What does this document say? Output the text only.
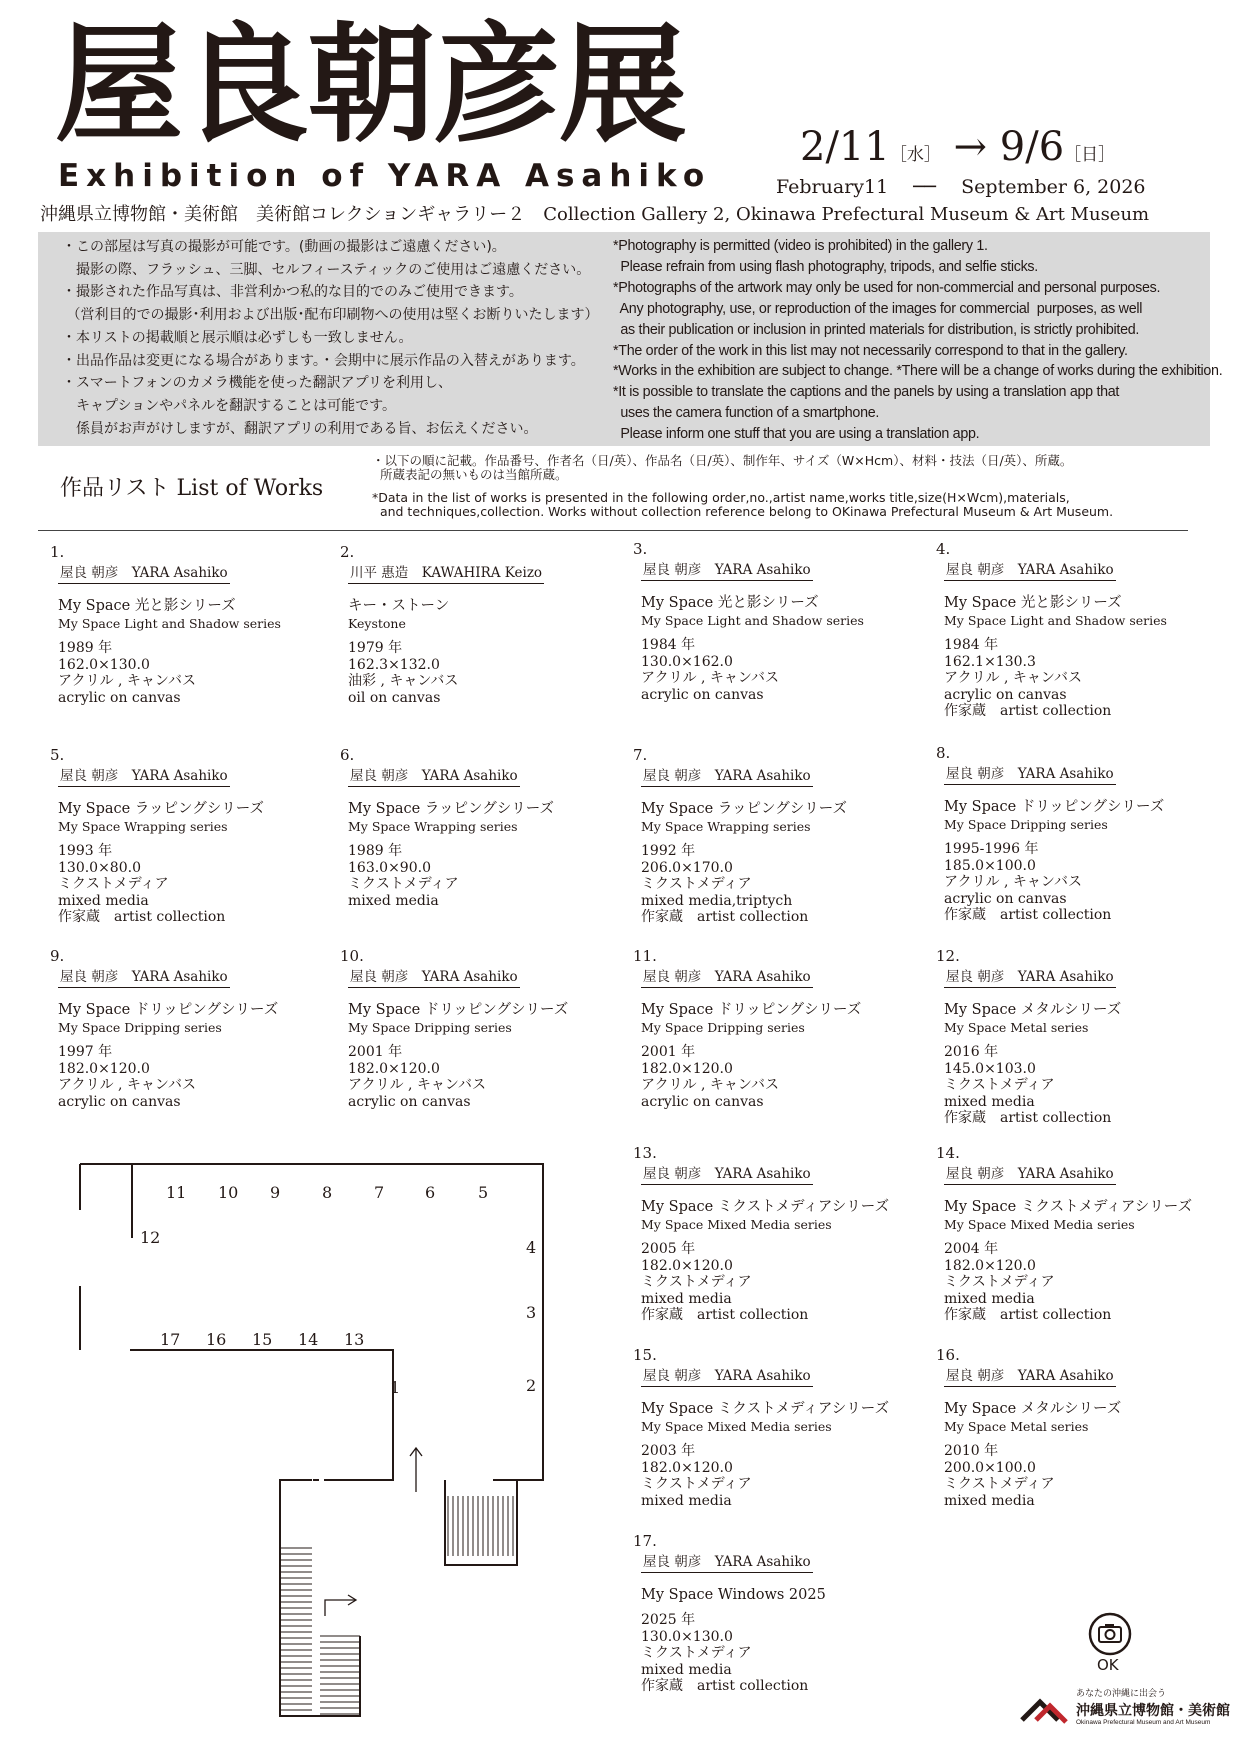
屋良朝彦展
Exhibition of YARA Asahiko
2/11［水］ → 9/6［日］
February11　 ── 　September 6, 2026
沖縄県立博物館・美術館　美術館コレクションギャラリー２　Collection Gallery 2, Okinawa Prefectural Museum & Art Museum
・この部屋は写真の撮影が可能です。(動画の撮影はご遠慮ください)。
　撮影の際、フラッシュ、三脚、セルフィースティックのご使用はご遠慮ください。
・撮影された作品写真は、非営利かつ私的な目的でのみご使用できます。
（営利目的での撮影･利用および出版･配布印刷物への使用は堅くお断りいたします）
・本リストの掲載順と展示順は必ずしも一致しません。
・出品作品は変更になる場合があります。・会期中に展示作品の入替えがあります。
・スマートフォンのカメラ機能を使った翻訳アプリを利用し、
　キャプションやパネルを翻訳することは可能です。
　係員がお声がけしますが、翻訳アプリの利用である旨、お伝えください。
*Photography is permitted (video is prohibited) in the gallery 1.
Please refrain from using flash photography, tripods, and selfie sticks.
*Photographs of the artwork may only be used for non-commercial and personal purposes.
Any photography, use, or reproduction of the images for commercial  purposes, as well
as their publication or inclusion in printed materials for distribution, is strictly prohibited.
*The order of the work in this list may not necessarily correspond to that in the gallery.
*Works in the exhibition are subject to change. *There will be a change of works during the exhibition.
*It is possible to translate the captions and the panels by using a translation app that
uses the camera function of a smartphone.
Please inform one stuff that you are using a translation app.
作品リスト List of Works
・以下の順に記載。作品番号、作者名（日/英）、作品名（日/英）、制作年、サイズ（W×Hcm）、材料・技法（日/英）、所蔵。
所蔵表記の無いものは当館所蔵。
*Data in the list of works is presented in the following order,no.,artist name,works title,size(H×Wcm),materials,
and techniques,collection. Works without collection reference belong to OKinawa Prefectural Museum & Art Museum.
1.
屋良 朝彦　YARA Asahiko
My Space 光と影シリーズ
My Space Light and Shadow series
1989 年
162.0×130.0
アクリル , キャンバス
acrylic on canvas
2.
川平 惠造　KAWAHIRA Keizo
キー・ストーン
Keystone
1979 年
162.3×132.0
油彩 , キャンバス
oil on canvas
3.
屋良 朝彦　YARA Asahiko
My Space 光と影シリーズ
My Space Light and Shadow series
1984 年
130.0×162.0
アクリル , キャンバス
acrylic on canvas
4.
屋良 朝彦　YARA Asahiko
My Space 光と影シリーズ
My Space Light and Shadow series
1984 年
162.1×130.3
アクリル , キャンバス
acrylic on canvas
作家蔵　artist collection
5.
屋良 朝彦　YARA Asahiko
My Space ラッピングシリーズ
My Space Wrapping series
1993 年
130.0×80.0
ミクストメディア
mixed media
作家蔵　artist collection
6.
屋良 朝彦　YARA Asahiko
My Space ラッピングシリーズ
My Space Wrapping series
1989 年
163.0×90.0
ミクストメディア
mixed media
7.
屋良 朝彦　YARA Asahiko
My Space ラッピングシリーズ
My Space Wrapping series
1992 年
206.0×170.0
ミクストメディア
mixed media,triptych
作家蔵　artist collection
8.
屋良 朝彦　YARA Asahiko
My Space ドリッピングシリーズ
My Space Dripping series
1995-1996 年
185.0×100.0
アクリル , キャンバス
acrylic on canvas
作家蔵　artist collection
9.
屋良 朝彦　YARA Asahiko
My Space ドリッピングシリーズ
My Space Dripping series
1997 年
182.0×120.0
アクリル , キャンバス
acrylic on canvas
10.
屋良 朝彦　YARA Asahiko
My Space ドリッピングシリーズ
My Space Dripping series
2001 年
182.0×120.0
アクリル , キャンバス
acrylic on canvas
11.
屋良 朝彦　YARA Asahiko
My Space ドリッピングシリーズ
My Space Dripping series
2001 年
182.0×120.0
アクリル , キャンバス
acrylic on canvas
12.
屋良 朝彦　YARA Asahiko
My Space メタルシリーズ
My Space Metal series
2016 年
145.0×103.0
ミクストメディア
mixed media
作家蔵　artist collection
13.
屋良 朝彦　YARA Asahiko
My Space ミクストメディアシリーズ
My Space Mixed Media series
2005 年
182.0×120.0
ミクストメディア
mixed media
作家蔵　artist collection
14.
屋良 朝彦　YARA Asahiko
My Space ミクストメディアシリーズ
My Space Mixed Media series
2004 年
182.0×120.0
ミクストメディア
mixed media
作家蔵　artist collection
15.
屋良 朝彦　YARA Asahiko
My Space ミクストメディアシリーズ
My Space Mixed Media series
2003 年
182.0×120.0
ミクストメディア
mixed media
16.
屋良 朝彦　YARA Asahiko
My Space メタルシリーズ
My Space Metal series
2010 年
200.0×100.0
ミクストメディア
mixed media
17.
屋良 朝彦　YARA Asahiko
My Space Windows 2025
2025 年
130.0×130.0
ミクストメディア
mixed media
作家蔵　artist collection
1	2
3
4
5
6
7
8
9
10
11
12
13
14
15
16
17
OK
あなたの沖縄に出会う
沖縄県立博物館・美術館
Okinawa Prefectural Museum and Art Museum
